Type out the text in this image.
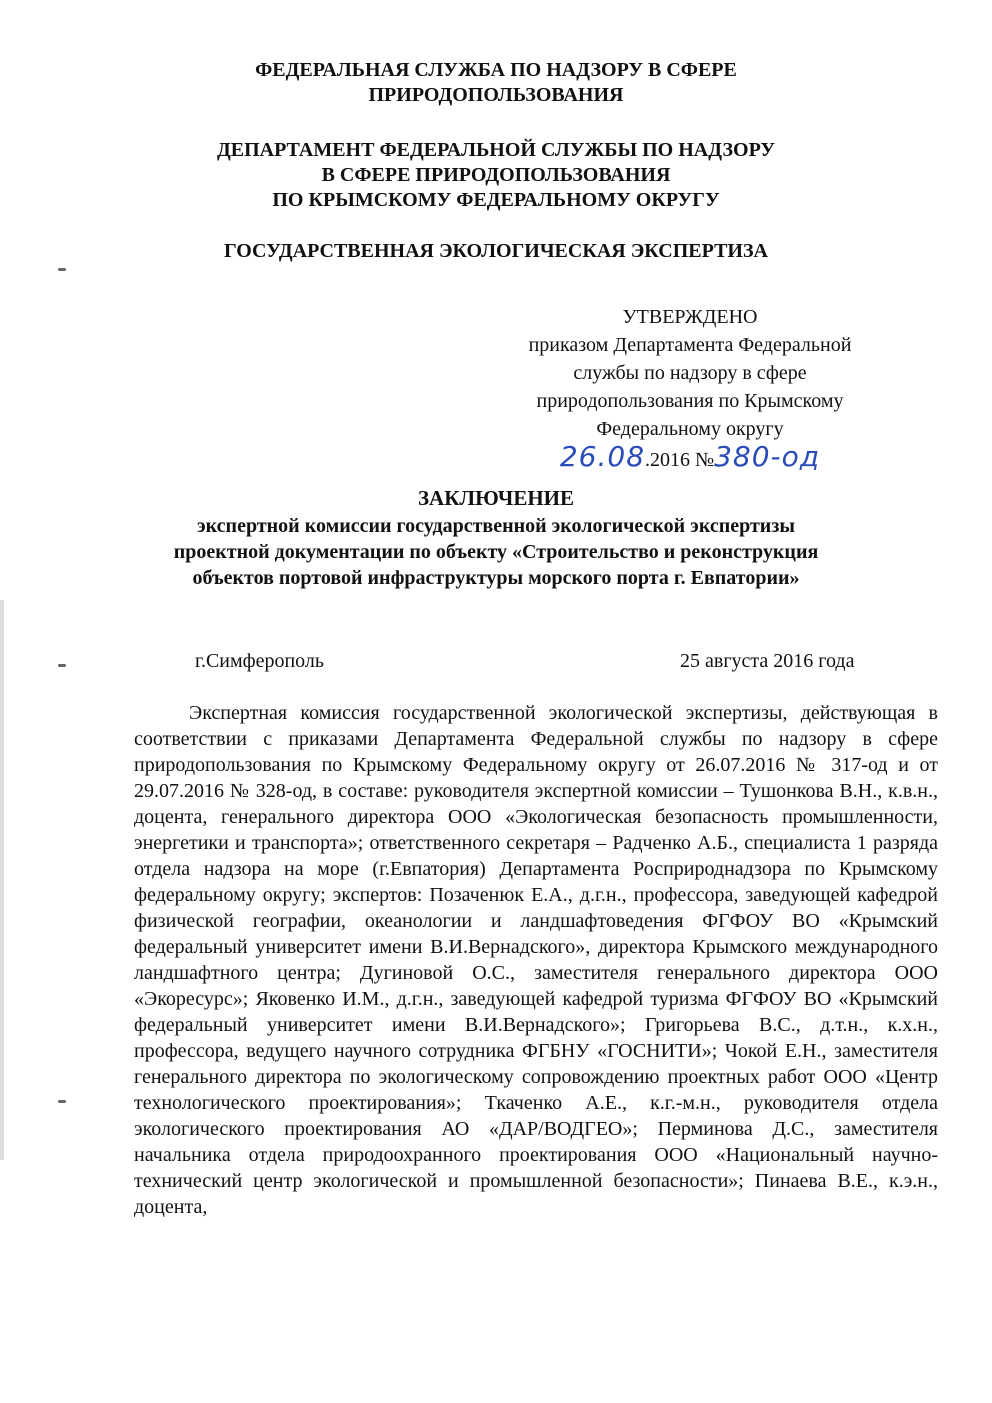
ФЕДЕРАЛЬНАЯ СЛУЖБА ПО НАДЗОРУ В СФЕРЕ
ПРИРОДОПОЛЬЗОВАНИЯ
ДЕПАРТАМЕНТ ФЕДЕРАЛЬНОЙ СЛУЖБЫ ПО НАДЗОРУ
В СФЕРЕ ПРИРОДОПОЛЬЗОВАНИЯ
ПО КРЫМСКОМУ ФЕДЕРАЛЬНОМУ ОКРУГУ
ГОСУДАРСТВЕННАЯ ЭКОЛОГИЧЕСКАЯ ЭКСПЕРТИЗА
УТВЕРЖДЕНО
приказом Департамента Федеральной
службы по надзору в сфере
природопользования по Крымскому
Федеральному округу
26.08.2016 №380-од
ЗАКЛЮЧЕНИЕ
экспертной комиссии государственной экологической экспертизы
проектной документации по объекту «Строительство и реконструкция
объектов портовой инфраструктуры морского порта г. Евпатории»
г.Симферополь	25 августа 2016 года
Экспертная комиссия государственной экологической экспертизы, действующая в соответствии с приказами Департамента Федеральной службы по надзору в сфере природопользования по Крымскому Федеральному округу от 26.07.2016 № 317-од и от 29.07.2016 № 328-од, в составе: руководителя экспертной комиссии – Тушонкова В.Н., к.в.н., доцента, генерального директора ООО «Экологическая безопасность промышленности, энергетики и транспорта»; ответственного секретаря – Радченко А.Б., специалиста 1 разряда отдела надзора на море (г.Евпатория) Департамента Росприроднадзора по Крымскому федеральному округу; экспертов: Позаченюк Е.А., д.г.н., профессора, заведующей кафедрой физической географии, океанологии и ландшафтоведения ФГФОУ ВО «Крымский федеральный университет имени В.И.Вернадского», директора Крымского международного ландшафтного центра; Дугиновой О.С., заместителя генерального директора ООО «Экоресурс»; Яковенко И.М., д.г.н., заведующей кафедрой туризма ФГФОУ ВО «Крымский федеральный университет имени В.И.Вернадского»; Григорьева В.С., д.т.н., к.х.н., профессора, ведущего научного сотрудника ФГБНУ «ГОСНИТИ»; Чокой Е.Н., заместителя генерального директора по экологическому сопровождению проектных работ ООО «Центр технологического проектирования»; Ткаченко А.Е., к.г.-м.н., руководителя отдела экологического проектирования АО «ДАР/ВОДГЕО»; Перминова Д.С., заместителя начальника отдела природоохранного проектирования ООО «Национальный научно-технический центр экологической и промышленной безопасности»; Пинаева В.Е., к.э.н., доцента,
